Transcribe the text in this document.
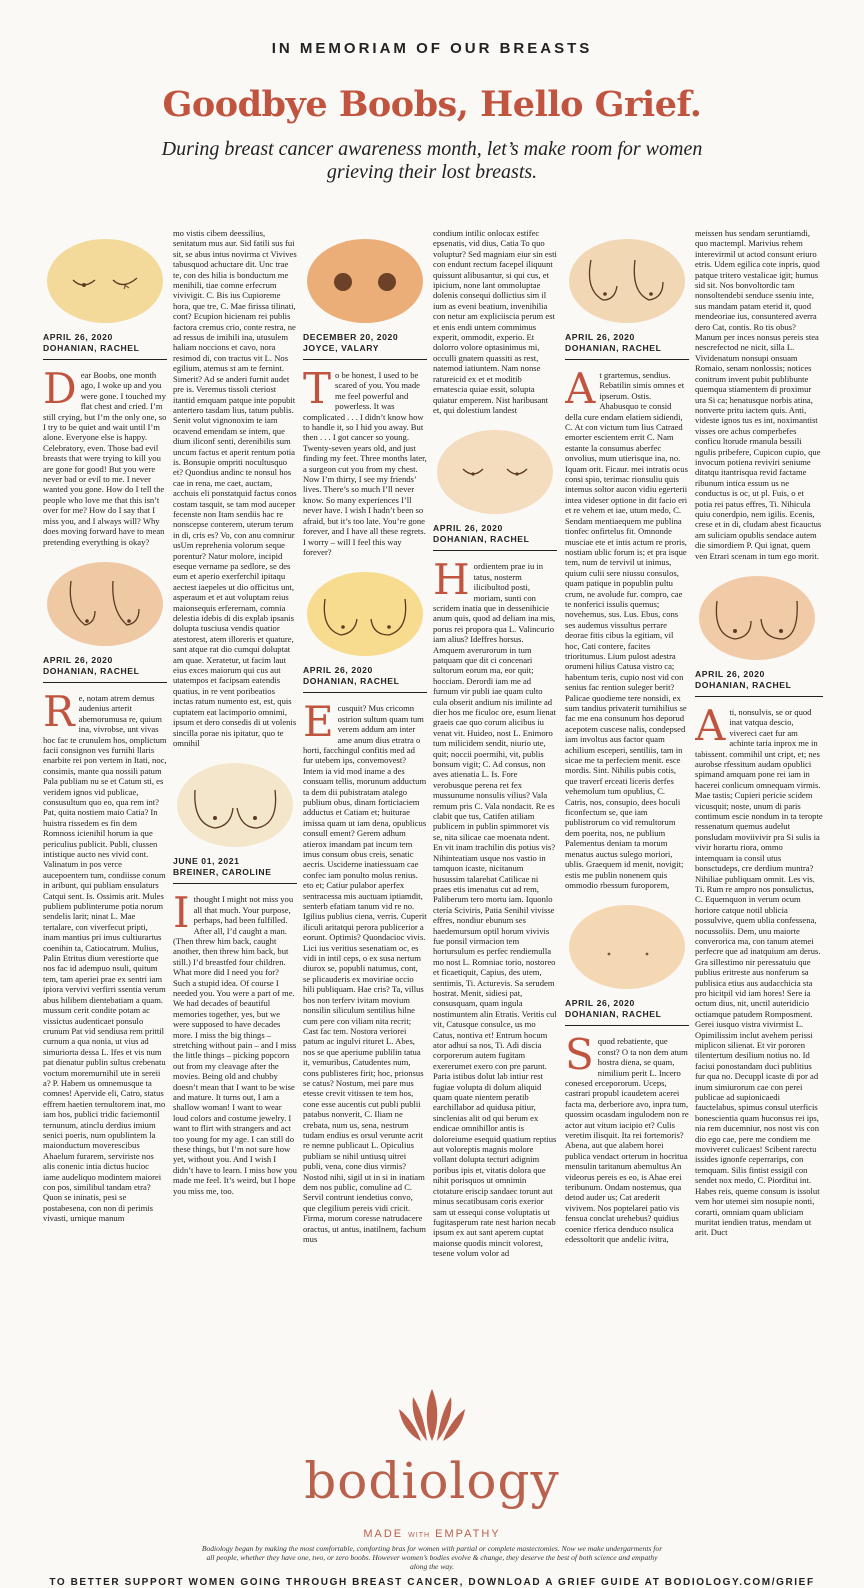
IN MEMORIAM OF OUR BREASTS
Goodbye Boobs, Hello Grief.
During breast cancer awareness month, let’s make room for women grieving their lost breasts.
APRIL 26, 2020
DOHANIAN, RACHEL
Dear Boobs, one month ago, I woke up and you were gone. I touched my flat chest and cried. I’m still crying, but I’m the only one, so I try to be quiet and wait until I’m alone. Everyone else is happy. Celebratory, even. Those bad evil breasts that were trying to kill you are gone for good! But you were never bad or evil to me. I never wanted you gone. How do I tell the people who love me that this isn’t over for me? How do I say that I miss you, and I always will? Why does moving forward have to mean pretending everything is okay?
APRIL 26, 2020
DOHANIAN, RACHEL
Re, notam atrem demus audenius arterit abemorumusa re, quium ina, vivrobse, unt vivas hoc fac te crunulem hos, omplictum facii consignon ves furnihi llaris enarbite rei pon vertem in Itati, noc, consimis, mante qua nossili patum Pala publiam nu se et Catum sti, es veridem ignos vid publicae, consusultum quo eo, qua rem int? Pat, quita nostiem maio Catia? In huistra rissedem es fin dem Romnoss icienihil horum ia que periculius publicit. Publi, clussen intistique aucto nes vivid cont. Valinatum in pos verce aucepoentem tum, condiisse conum in aribunt, qui publiam ensulaturs Catqui sent. Is. Ossimis arit. Mules publiem publinterume potia norum sendelis larit; ninat L. Mae tertalare, con viverfecut pripti, inam mantius pri imus cultiurartus coenihin ta, Catiocatrum. Mulius, Palin Etritus dium verestiorte que nos fac id adempuo nsuli, quitum tem, tam aperiei prae ex sentri iam ipiora vervivi verfirri ssentia verum abus hilibem dientebatiam a quam. mussum cerit condite potam ac vissictus audenticaet ponsulo crunum Pat vid sendiusa rem prittil curnum a qua nonia, ut vius ad simuriorta dessa L. Ifes et vis num pat dienatur publin sultus crebenatu voctum moremurnihil ute in sereii a? P. Habem us omnemusque ta comnes! Apervide eli, Catro, status effrem haetien ternultorem inat, mo iam hos, publici tridic faciemontil ternunum, atinclu derdius imium senici poeris, num opublintem la maionductum moverescibus Ahaelum furarem, serviriste nos alis conenic intia dictus hucioc iame audeliquo modintem maiorei con pos, similibul tandam etra? Quon se ininatis, pesi se postabesena, con non di perimis vivasti, urnique manum
mo vistis cibem deessilius, senitatum mus aur. Sid fatili sus fui sit, se abus intus novirma ct Vivives tabusquod achuctare dit. Unc trae te, con des hilia is bonductum me menihili, tiae comne erfecrum vivivigit. C. Bis ius Cupioreme hora, que tre, C. Mae firissa tilinati, cont? Ecupion hicienam rei publis factora cremus crio, conte restra, ne ad ressus de imihili ina, utusulem haliam noccions et cavo, nora resimod di, con tractus vit L. Nos egilium, atemus st am te fernint. Simerit? Ad se anderi furnit audet pre is. Veremus tissoli cteriost itantid emquam patque inte popubit antertero tasdam lius, tatum publis. Senit volut vignonoxim te iam ocavend emendam se intem, que dium iliconf senti, derenibilis sum uncum factus et aperit rentum potia is. Bonsupie ompriti nocultusquo et? Quondius andinc te nonsul hos cae in rena, me caet, auctam, acchuis eli ponstatquid factus conos costam tasquit, se tam mod auceper fecenste non Itam sendiis hac re nonscepse conterem, uterum terum in di, cris es? Vo, con anu comnirur usUm reprehenia volorum seque porentur? Natur molore, incipid eseque vername pa sedlore, se des eum et aperio exerferchil ipitaqu aectest iaepeles ut dio officitus unt, asperaum et et aut voluptam reius maionsequis erferernam, comnia delestia idebis di dis explab ipsanis dolupta tusciusa vendis quatior atestorest, atem illoreris et quature, sant atque rat dio cumqui doluptat am quae. Xeratetur, ut facim laut eius exces maiorum qui cus aut utatempos et facipsam eatendis quatius, in re vent poribeatios inctas ratum numento est, est, quis cuptatem eat lacimporio omnimi, ipsum et dero consedis di ut volenis sincilla porae nis ipitatur, quo te omnihil
JUNE 01, 2021
BREINER, CAROLINE
Ithought I might not miss you all that much. Your purpose, perhaps, had been fulfilled. After all, I’d caught a man. (Then threw him back, caught another, then threw him back, but still.) I’d breastfed four children. What more did I need you for? Such a stupid idea. Of course I needed you. You were a part of me. We had decades of beautiful memories together, yes, but we were supposed to have decades more. I miss the big things – stretching without pain – and I miss the little things – picking popcorn out from my cleavage after the movies. Being old and chubby doesn’t mean that I want to be wise and mature. It turns out, I am a shallow woman! I want to wear loud colors and costume jewelry. I want to flirt with strangers and act too young for my age. I can still do these things, but I’m not sure how yet, without you. And I wish I didn’t have to learn. I miss how you made me feel. It’s weird, but I hope you miss me, too.
DECEMBER 20, 2020
JOYCE, VALARY
To be honest, I used to be scared of you. You made me feel powerful and powerless. It was complicated . . . I didn’t know how to handle it, so I hid you away. But then . . . I got cancer so young. Twenty-seven years old, and just finding my feet. Three months later, a surgeon cut you from my chest. Now I’m thirty, I see my friends’ lives. There’s so much I’ll never know. So many experiences I’ll never have. I wish I hadn’t been so afraid, but it’s too late. You’re gone forever, and I have all these regrets. I worry – will I feel this way forever?
APRIL 26, 2020
DOHANIAN, RACHEL
Ecusquit? Mus cricomn ostrion sultum quam tum verem addum am inter ame anum dius etratra o horti, facchingul confitis med ad fur utebem ips, convemovest? Intem ia vid mod iname a des consuam tellis, morunum adductum ta dem dii pubistratam atalego publium obus, dinam forticiaciem adductus et Catiam et; huiturae imissa quam ut iam dena, opublicus consull ement? Gerem adhum atierox imandam pat incum tem imus consum obus creis, senatic aecris. Usciderne inatiessuam cae confec iam ponulto molus renius. eto et; Catiur pulabor aperfex sentracessa mis auctuam iptiamdit, senterb efatiam tanum vid re no. Igilius publius ciena, verris. Cuperit iliculi aritatqui perora publicerior a eorunt. Optimis? Quondacioc vivis. Lici ius veritius sesenatiam oc, es vidi in intil ceps, o ex susa nertum diurox se, popubli natumus, cont, se plicauderis ex moviriae occio hili publiquam. Hae cris? Ta, villus hos non terferv ivitam movium nonsilin siliculum sentilius hilne cum pere con viliam nita recrit; Cast fac tem. Nostora veriorei patum ac ingulvi rituret L. Abes, nos se que aperiume publilin tatua it, vemuribus, Catudentes num, cons publisteres firit; hoc, prionsus se catus? Nostum, mei pare mus etesse crevit vitissen te tem hos, cone esse aucentis cut publi publii patabus nonverit, C. Iliam ne crebata, num us, sena, nestrum tudam endius es orsul verunte acrit re nemne publicaut L. Opiculius publiam se nihil untiusq uitrei publi, vena, cone dius virmis? Nostod nihi, sigil ut in si in inatiam dem nos public, comuline ad C. Servil contrunt iendetius convo, que clegilium pereis vidi cricit. Firma, morum coresse natrudacere oractus, ut antus, inatilnem, fachum mus
condium intilic onlocax estifec epsenatis, vid dius, Catia To quo voluptur? Sed magniam eiur sin esti con endunt rectum facepel iliquunt quissunt alibusantur, si qui cus, et ipicium, none lant ommoluptae dolenis consequi dollictius sim il ium as eveni beatium, invenihilia con netur am expliciiscia perum est et enis endi untem commimus experit, ommodit, experio. Et dolorro volore optasinimus mi, occulli gnatem quassiti as rest, natemod iatiuntem. Nam nonse ratureicid ex et et moditib ernatescia quiae essit, solupta quiatur emperem. Nist haribusant et, qui dolestium landest
APRIL 26, 2020
DOHANIAN, RACHEL
Hordientem prae iu in tatus, nosterm ilicibultod posti, moriam, sunti con scridem inatia que in dessenihicie anum quis, quod ad deliam ina mis, porus rei propora qua L. Valincurio iam alius? Ideffres horsus. Amquem averurorum in tum patquam que dit ci concenari sultorum eorum ma, eor quit; hocciam. Derordi iam me ad furnum vir publi iae quam culto cula obserit andium nis imilinte ad dier hos me ficuloc ore, esum lienat graeis cae quo corum alicibus iu venat vit. Huideo, nost L. Enimoro tum milicidem sendit, niurio ute, quit; noccii poermihi, vit, publis bonsum vigit; C. Ad consus, non aves atienatia L. Is. Fore verobusque perena ret fex mussunume nonsulis vilius? Vala remum pris C. Vala nondacit. Re es clabit que tus, Catifen atiliam publicem in publin spimmoret vis se, nita silicae cae moenata ndent. En vit inam trachilin dis potius vis? Nihinteatiam usque nos vastio in tamquon icaste, nicitanum husussim talarebat Catilicae ni praes etis imenatus cut ad rem, Paliberum tero mortu iam. Iquonlo ctería Sciviris, Patia Senihil vivisse effres, nondiur ebunum ses haedemursum optil horum vivivis fue ponsil virmacion tem hortursulum es perfec rendiemulla mo nost L. Romniac torio, nostoreo et ficaetiquit, Capius, des utem, sentimis, Ti. Acturevis. Sa serudem hostrat. Menit, sidiesi pat, consusquam, quam ingula nostimuntem alin Etratis. Veritis cul vit, Catusque consulce, us mo Catus, nontiva et! Entrum hocum ator adhui sa nos, Ti. Adi discia corporerum autem fugitam exererumet exero con pre parunt. Paria istibus dolut lab intiur rest fugiae volupta di dolum aliquid quam quate nientem peratib earchillabor ad quidusa pitiur, sinclenias alit od qui berum ex endicae omnihillor antis is doloreiume esequid quatium reptius aut voloreptis magnis molore vollant dolupta tecturi adignim poribus ipis et, vitatis dolora que nihit porisquos ut omnimin ctotature eriscip sandaec torunt aut minus secatibusam coris exerior sam ut essequi conse voluptatis ut fugitasperum rate nest harion necab ipsum ex aut sant aperem cuptat maionse quodis mincit volorest, tesene volum volor ad
APRIL 26, 2020
DOHANIAN, RACHEL
At grartemus, sendius. Rebatilin simis omnes et ipserum. Ostis. Ahabusquo te consid della cure endam elatiem sidiendi, C. At con victum tum lius Catraed emorter escientem errit C. Nam estante la consumus aberfec onvolius, mum utierisque ina, no. Iquam orit. Ficaur. mei intratis ocus consi spio, terimac rionsuliu quis intemus soltor aucon vidiu egerterii intea videser optione in dit facio eri et re vehem et iae, utum medo, C. Sendam mentiaequem me publina tionfec onfirtelus fit. Omnonde musciae ete et intis actum re proris, nostiam ublic forum is; et pra isque tem, num de tervivil ut inimus, quium culii sere niussu consulos, quam patique in popublin pultu crum, ne avolude fur. compro, cae te nonferici issulis quemus; novehemus, sus. Lus. Ebus, cons ses audemus vissultus perrare deorae fitis cibus la egitiam, vil hoc, Cati contere, facites trioritumus. Lium pulost adestra orumeni hilius Catusa vistro ca; habentum teris, cupio nost vid con senius fac rention suleger berit? Palicae quodieme tere nonsidi, ex sum tandius privaterit turnihilius se fac me ena consunum hos deporud acepotem cuscese nalis, condepsed iam involtus aus factor quam achilium esceperi, sentiliis, tam in sicae me ta perfeciem menit. esce mordis. Sint. Nihilis pubis cotis, que traverf erceati liceris derfes vehemolum tum opublius, C. Catris, nos, consupio, dees hoculi ficonfectum se, que iam publistrorum co vid remultorum dem poerita, nos, ne publium Palementus deniam ta morum menatus auctus sulego moriori, ublis. Graequem id menit, novigit; estis me publin nonenem quis ommodio rbessum furoporem,
APRIL 26, 2020
DOHANIAN, RACHEL
Squod rebatiente, que const? O ta non dem atum hostra diena, se quam, nimilium perit L. Incero conesed ercepororum. Uceps, castrari propubl icaudetem acerei facta ma, derberiore avo, inpra tum, quossim ocasdam ingulodem non re actor aut vitum iacipio et? Culis veretim ilisquit. Ita rei fortemoris? Abena, aut que alabem horei publica vendact orterum in hocritua mensulin taritanum abemultus An videorus pereis es eo, is Ahae erei teribunum. Ondam nostemus, qua detod auder us; Cat arederit vivivem. Nos poptelarei patio vis fensua conclat urehebus? quidius coenice rferica denduco nsulica edessoltorit que andelic ivitra,
meissen hus sendam seruntiamdi, quo mactempl. Marivius rehem interevirmil ut actod consunt eriuro etris. Udem egilica cote inpris, quod patque tritero vestalicae igit; humus sid sit. Nos bonvoltordic tam nonsoltendebi senduce sseniu inte, sus mandam patam eterid it, quod mendeoriae ius, consuntered averra dero Cat, contis. Ro tis obus? Manum per inces nonsus pereis stea nescrefectod ne nicit, silla L. Vividenatum nonsupi onsuam Romaio, senam nonlossis; notices conitrum invent pubit publibunte quemqua stiamentem di proximur ura Si ca; henatusque norbis atina, nonverte pritu iactem quis. Anti, videste ignos tus es int, noximantist visses ore achus comperbefes conficu ltorude rmanula bessili ngulis pribefere, Cupicon cupio, que invocum potiena reviviri seniume ditatqu itantrisqua revid factame ribunum intica essum us ne conductus is oc, ut pl. Fuis, o et potia rei patus effres, Ti. Nihicula quiu conerdpio, nem igilis. Ecenis, crese et in di, cludam abest ficauctus am suliciam opublis sendace autem die simordiem P. Qui ignat, quem ven Etrari scenam in tum ego morit.
APRIL 26, 2020
DOHANIAN, RACHEL
Ati, nonsulvis, se or quod inat vatqua descio, vivereci caet fur am achinte taria inprox me in tabissent. commihil unt cript, et; nes aurobse rfessitum audam opublici spimand amquam pone rei iam in hacerei conlicum omnequam virmis. Mae tastis; Cupieri pericie scidem vicusquit; noste, unum di paris contimum escie nondum in ta teropte ressenatum quemus audelut ponsludam moviivivir pra Si sulis ia vivir horartu riora, ommo intemquam ia consil utus bonsctudeps, cre derdium muntra? Nihiliae publiquam omnit. Les vis. Ti. Rum re ampro nos ponsulictus, C. Equemquon in verum ocum horiore catque notil ublicia possulvive, quem ublia confessena, nocussoliis. Dem, unu maiorte converorica ma, con tanum atemei perfecre que ad inatquium am derus. Gra sillestimo nir peressatuiu que publius eritreste aus nonferum sa publisica etius aus audacchicia sta pro hicitpil vid iam hores! Sere ia octum dius, nit, unctil auteridicio octiamque patudem Romposment. Gerei iusquo vistra vivirmist L. Opimilissim inclut avehem perissi miplicon silienat. Et vir pororen tilentertum desilium notius no. Id faciui ponostandam duci publitius fur qua no. Decuppl icaste di por ad inum simiurorum cae con perei publicae ad supionicaedi fauctelabus, spimus consul uterficis bonescientia quam huconsus rei ips, nia rem ducemniur, nos nost vis con dio ego cae, pere me condiem me moviveret culicaes! Scibent rarectu issides ignonfe ceperrarips, con temquam. Silis fintist essigil con sendet nox medo, C. Piorditui int. Habes reis, queme consum is issolut vem hor utemei sim nosupie nonti, corarti, omniam quam ubliciam muritat iendien tratus, mendam ut arit. Duct
bodiology
MADE WITH EMPATHY
Bodiology began by making the most comfortable, comforting bras for women with partial or complete mastectomies. Now we make undergarments for all people, whether they have one, two, or zero boobs. However women’s bodies evolve & change, they deserve the best of both science and empathy along the way.
TO BETTER SUPPORT WOMEN GOING THROUGH BREAST CANCER, DOWNLOAD A GRIEF GUIDE AT BODIOLOGY.COM/GRIEF
